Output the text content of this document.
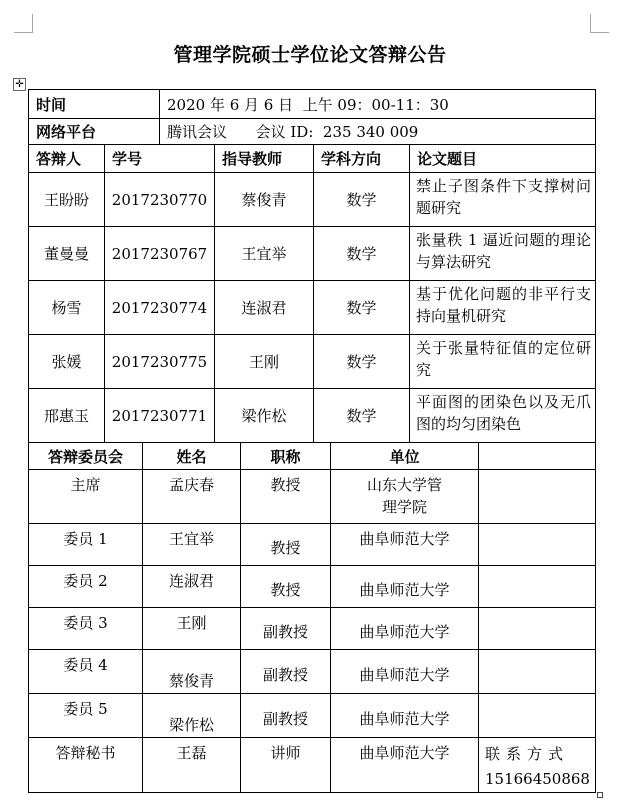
✛
管理学院硕士学位论文答辩公告
时间	2020 年 6 月 6 日  上午 09：00-11：30
网络平台	腾讯会议      会议 ID:  235 340 009
答辩人	学号	指导教师	学科方向	论文题目
王盼盼	2017230770	蔡俊青	数学	禁止子图条件下支撑树问题研究
董曼曼	2017230767	王宜举	数学	张量秩 1 逼近问题的理论与算法研究
杨雪	2017230774	连淑君	数学	基于优化问题的非平行支持向量机研究
张媛	2017230775	王刚	数学	关于张量特征值的定位研究
邢惠玉	2017230771	梁作松	数学	平面图的团染色以及无爪图的均匀团染色
答辩委员会	姓名	职称	单位	
主席	孟庆春	教授	山东大学管理学院	
委员 1	王宜举	教授	曲阜师范大学	
委员 2	连淑君	教授	曲阜师范大学	
委员 3	王刚	副教授	曲阜师范大学	
委员 4	蔡俊青	副教授	曲阜师范大学	
委员 5	梁作松	副教授	曲阜师范大学	
答辩秘书	王磊	讲师	曲阜师范大学	联系方式
15166450868
